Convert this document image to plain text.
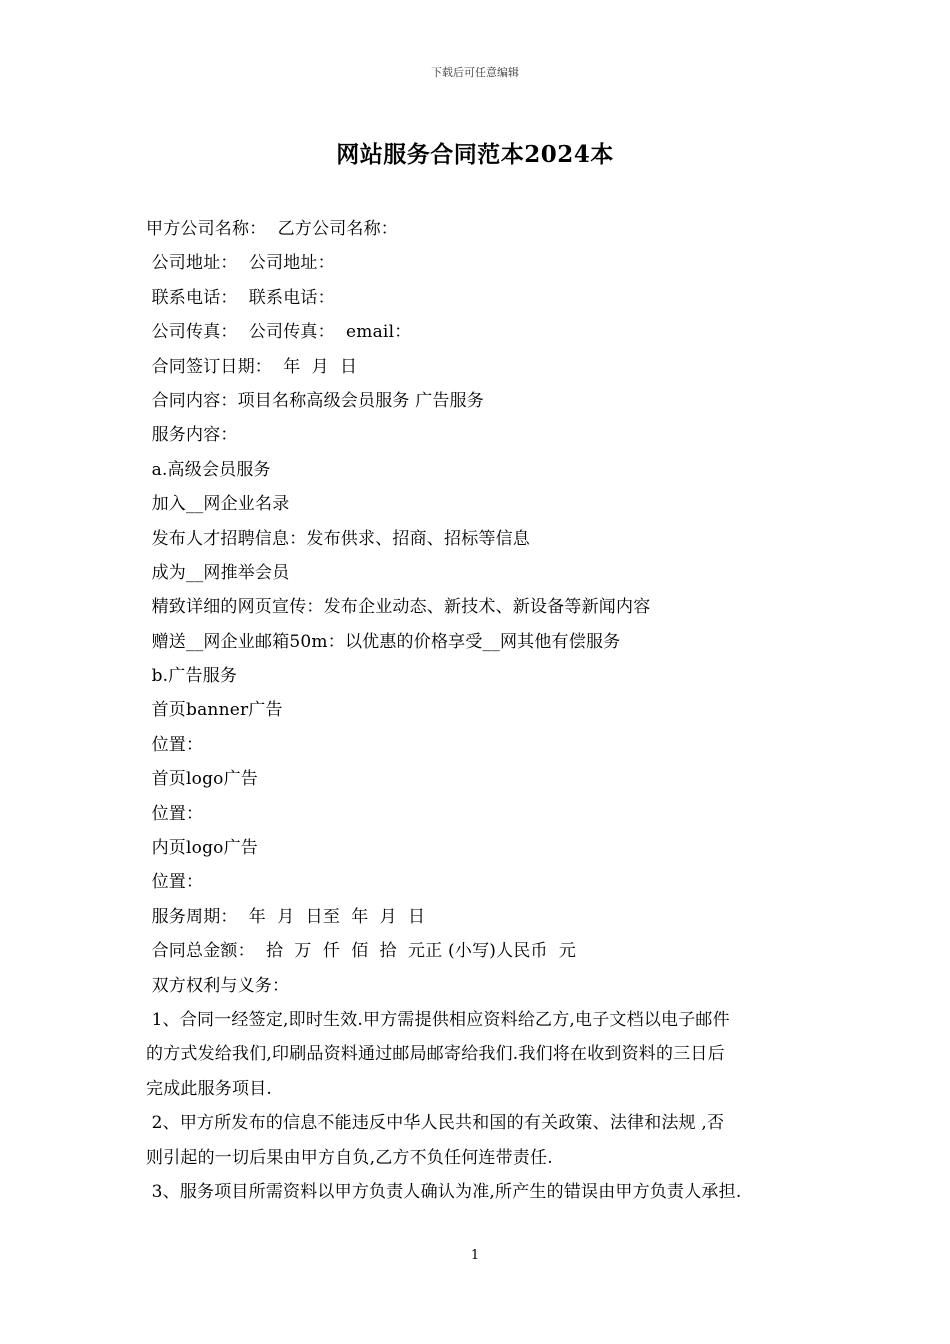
下载后可任意编辑
网站服务合同范本2024本
甲方公司名称：  乙方公司名称：
公司地址：  公司地址：
联系电话：  联系电话：
公司传真：  公司传真：  email：
合同签订日期：  年  月  日
合同内容：项目名称高级会员服务 广告服务
服务内容：
a.高级会员服务
加入__网企业名录
发布人才招聘信息：发布供求、招商、招标等信息
成为__网推举会员
精致详细的网页宣传：发布企业动态、新技术、新设备等新闻内容
赠送__网企业邮箱50m：以优惠的价格享受__网其他有偿服务
b.广告服务
首页banner广告
位置：
首页logo广告
位置：
内页logo广告
位置：
服务周期：  年  月  日至  年  月  日
合同总金额：  拾  万  仟  佰  拾  元正 (小写)人民币  元
双方权利与义务：
1、合同一经签定,即时生效.甲方需提供相应资料给乙方,电子文档以电子邮件
的方式发给我们,印刷品资料通过邮局邮寄给我们.我们将在收到资料的三日后
完成此服务项目.
2、甲方所发布的信息不能违反中华人民共和国的有关政策、法律和法规 ,否
则引起的一切后果由甲方自负,乙方不负任何连带责任.
3、服务项目所需资料以甲方负责人确认为准,所产生的错误由甲方负责人承担.
1
